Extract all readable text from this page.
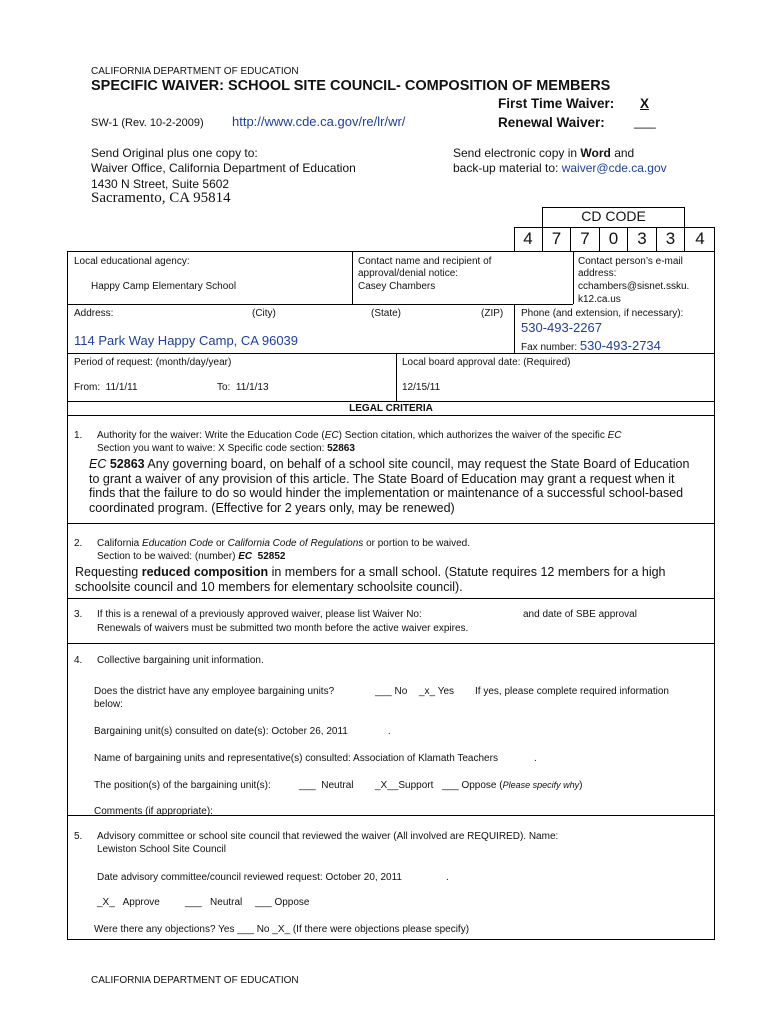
CALIFORNIA DEPARTMENT OF EDUCATION
SPECIFIC WAIVER: SCHOOL SITE COUNCIL- COMPOSITION OF MEMBERS
First Time Waiver: X
SW-1 (Rev. 10-2-2009) http://www.cde.ca.gov/re/lr/wr/	Renewal Waiver: ___
Send Original plus one copy to:
Waiver Office, California Department of Education
1430 N Street, Suite 5602
Sacramento, CA 95814
Send electronic copy in Word and
back-up material to: waiver@cde.ca.gov
CD CODE
4	7	7	0	3	3	4
Local educational agency:
Happy Camp Elementary School
Contact name and recipient of
approval/denial notice:
Casey Chambers
Contact person’s e-mail
address:
cchambers@sisnet.ssku.
k12.ca.us
Address:	(City)	(State)	(ZIP)
114 Park Way Happy Camp, CA 96039
Phone (and extension, if necessary):
530-493-2267
Fax number: 530-493-2734
Period of request: (month/day/year)
From: 11/1/11	To: 11/1/13
Local board approval date: (Required)
12/15/11
LEGAL CRITERIA
1. Authority for the waiver: Write the Education Code (EC) Section citation, which authorizes the waiver of the specific EC
Section you want to waive: X Specific code section: 52863
EC 52863 Any governing board, on behalf of a school site council, may request the State Board of Education
to grant a waiver of any provision of this article. The State Board of Education may grant a request when it
finds that the failure to do so would hinder the implementation or maintenance of a successful school-based
coordinated program. (Effective for 2 years only, may be renewed)
2. California Education Code or California Code of Regulations or portion to be waived.
Section to be waived: (number) EC 52852
Requesting reduced composition in members for a small school. (Statute requires 12 members for a high
schoolsite council and 10 members for elementary schoolsite council).
3. If this is a renewal of a previously approved waiver, please list Waiver No:	and date of SBE approval
Renewals of waivers must be submitted two month before the active waiver expires.
4. Collective bargaining unit information.
Does the district have any employee bargaining units?	___ No _x_ Yes If yes, please complete required information
below:
Bargaining unit(s) consulted on date(s): October 26, 2011	.
Name of bargaining units and representative(s) consulted: Association of Klamath Teachers	.
The position(s) of the bargaining unit(s):	___ Neutral _X__Support ___ Oppose (Please specify why)
Comments (if appropriate):
5. Advisory committee or school site council that reviewed the waiver (All involved are REQUIRED). Name:
Lewiston School Site Council
Date advisory committee/council reviewed request: October 20, 2011	.
_X_ Approve	___ Neutral ___ Oppose
Were there any objections? Yes ___ No _X_ (If there were objections please specify)
CALIFORNIA DEPARTMENT OF EDUCATION
